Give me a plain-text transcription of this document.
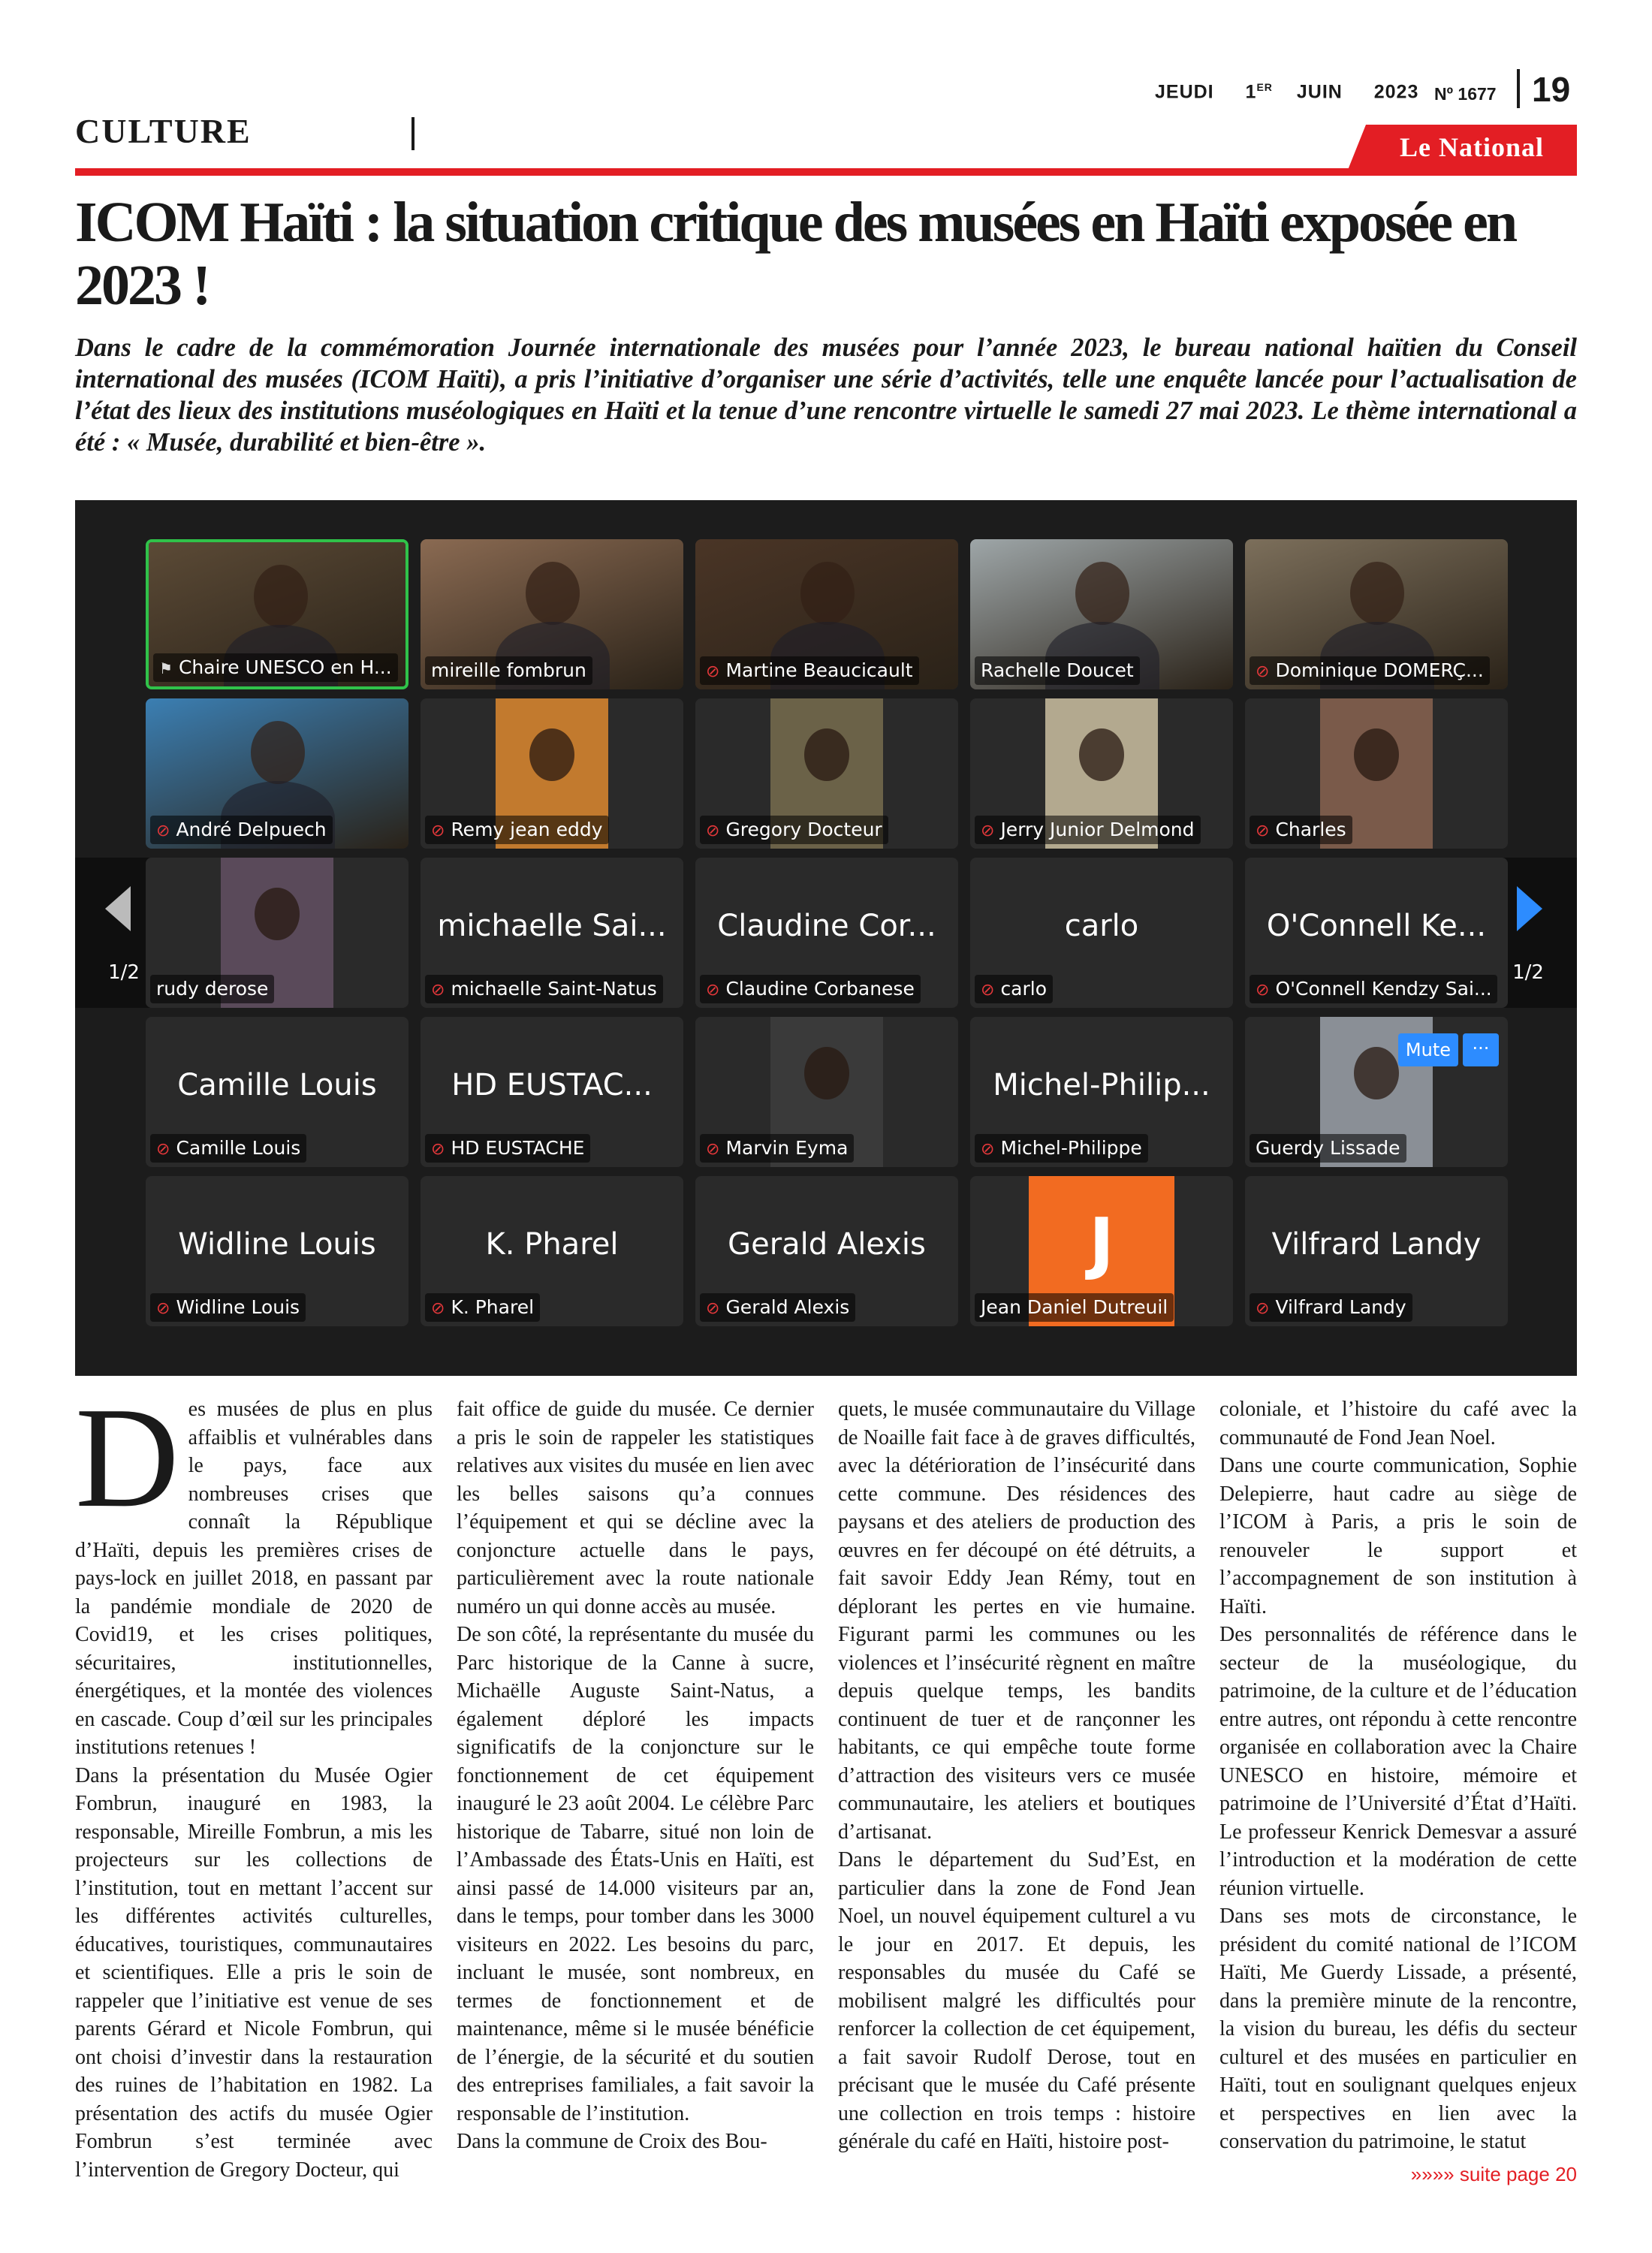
JEUDI 1ER JUIN 2023 Nº 1677 19
CULTURE	Le National
ICOM Haïti : la situation critique des musées en Haïti exposée en 2023 !

Dans le cadre de la commémoration Journée internationale des musées pour l’année 2023, le bureau national haïtien du Conseil international des musées (ICOM Haïti), a pris l’initiative d’organiser une série d’activités, telle une enquête lancée pour l’actualisation de l’état des lieux des institutions muséologiques en Haïti et la tenue d’une rencontre virtuelle le samedi 27 mai 2023. Le thème international a été : « Musée, durabilité et bien-être ».

1/2	1/2
⚑ Chaire UNESCO en H...	mireille fombrun	⊘ Martine Beaucicault	Rachelle Doucet	⊘ Dominique DOMERÇ...
⊘ André Delpuech	⊘ Remy jean eddy	⊘ Gregory Docteur	⊘ Jerry Junior Delmond	⊘ Charles
rudy derose
michaelle Sai...
⊘ michaelle Saint-Natus
Claudine Cor...
⊘ Claudine Corbanese
carlo
⊘ carlo
O'Connell Ke...
⊘ O'Connell Kendzy Sai...
Camille Louis
⊘ Camille Louis
HD EUSTAC...
⊘ HD EUSTACHE	⊘ Marvin Eyma
Michel-Philip...
⊘ Michel-Philippe	Guerdy Lissade
Mute	···
Widline Louis
⊘ Widline Louis
K. Pharel
⊘ K. Pharel
Gerald Alexis
⊘ Gerald Alexis
J
Jean Daniel Dutreuil
Vilfrard Landy
⊘ Vilfrard Landy
D es musées de plus en plus affaiblis et vulnérables dans le pays, face aux nombreuses crises que connaît la République d’Haïti, depuis les premières crises de pays-lock en juillet 2018, en passant par la pandémie mondiale de 2020 de Covid19, et les crises politiques, sécuritaires, institutionnelles, énergétiques, et la montée des violences en cascade. Coup d’œil sur les principales institutions retenues !

Dans la présentation du Musée Ogier Fombrun, inauguré en 1983, la responsable, Mireille Fombrun, a mis les projecteurs sur les collections de l’institution, tout en mettant l’accent sur les différentes activités culturelles, éducatives, touristiques, communautaires et scientifiques. Elle a pris le soin de rappeler que l’initiative est venue de ses parents Gérard et Nicole Fombrun, qui ont choisi d’investir dans la restauration des ruines de l’habitation en 1982. La présentation des actifs du musée Ogier Fombrun s’est terminée avec l’intervention de Gregory Docteur, qui

fait office de guide du musée. Ce dernier a pris le soin de rappeler les statistiques relatives aux visites du musée en lien avec les belles saisons qu’a connues l’équipement et qui se décline avec la conjoncture actuelle dans le pays, particulièrement avec la route nationale numéro un qui donne accès au musée.

De son côté, la représentante du musée du Parc historique de la Canne à sucre, Michaëlle Auguste Saint-Natus, a également déploré les impacts significatifs de la conjoncture sur le fonctionnement de cet équipement inauguré le 23 août 2004. Le célèbre Parc historique de Tabarre, situé non loin de l’Ambassade des États-Unis en Haïti, est ainsi passé de 14.000 visiteurs par an, dans le temps, pour tomber dans les 3000 visiteurs en 2022. Les besoins du parc, incluant le musée, sont nombreux, en termes de fonctionnement et de maintenance, même si le musée bénéficie de l’énergie, de la sécurité et du soutien des entreprises familiales, a fait savoir la responsable de l’institution.

Dans la commune de Croix des Bou-

quets, le musée communautaire du Village de Noaille fait face à de graves difficultés, avec la détérioration de l’insécurité dans cette commune. Des résidences des paysans et des ateliers de production des œuvres en fer découpé on été détruits, a fait savoir Eddy Jean Rémy, tout en déplorant les pertes en vie humaine. Figurant parmi les communes ou les violences et l’insécurité règnent en maître depuis quelque temps, les bandits continuent de tuer et de rançonner les habitants, ce qui empêche toute forme d’attraction des visiteurs vers ce musée communautaire, les ateliers et boutiques d’artisanat.

Dans le département du Sud’Est, en particulier dans la zone de Fond Jean Noel, un nouvel équipement culturel a vu le jour en 2017. Et depuis, les responsables du musée du Café se mobilisent malgré les difficultés pour renforcer la collection de cet équipement, a fait savoir Rudolf Derose, tout en précisant que le musée du Café présente une collection en trois temps : histoire générale du café en Haïti, histoire post-

coloniale, et l’histoire du café avec la communauté de Fond Jean Noel.

Dans une courte communication, Sophie Delepierre, haut cadre au siège de l’ICOM à Paris, a pris le soin de renouveler le support et l’accompagnement de son institution à Haïti.

Des personnalités de référence dans le secteur de la muséologique, du patrimoine, de la culture et de l’éducation entre autres, ont répondu à cette rencontre organisée en collaboration avec la Chaire UNESCO en histoire, mémoire et patrimoine de l’Université d’État d’Haïti. Le professeur Kenrick Demesvar a assuré l’introduction et la modération de cette réunion virtuelle.

Dans ses mots de circonstance, le président du comité national de l’ICOM Haïti, Me Guerdy Lissade, a présenté, dans la première minute de la rencontre, la vision du bureau, les défis du secteur culturel et des musées en particulier en Haïti, tout en soulignant quelques enjeux et perspectives en lien avec la conservation du patrimoine, le statut

»»»» suite page 20
